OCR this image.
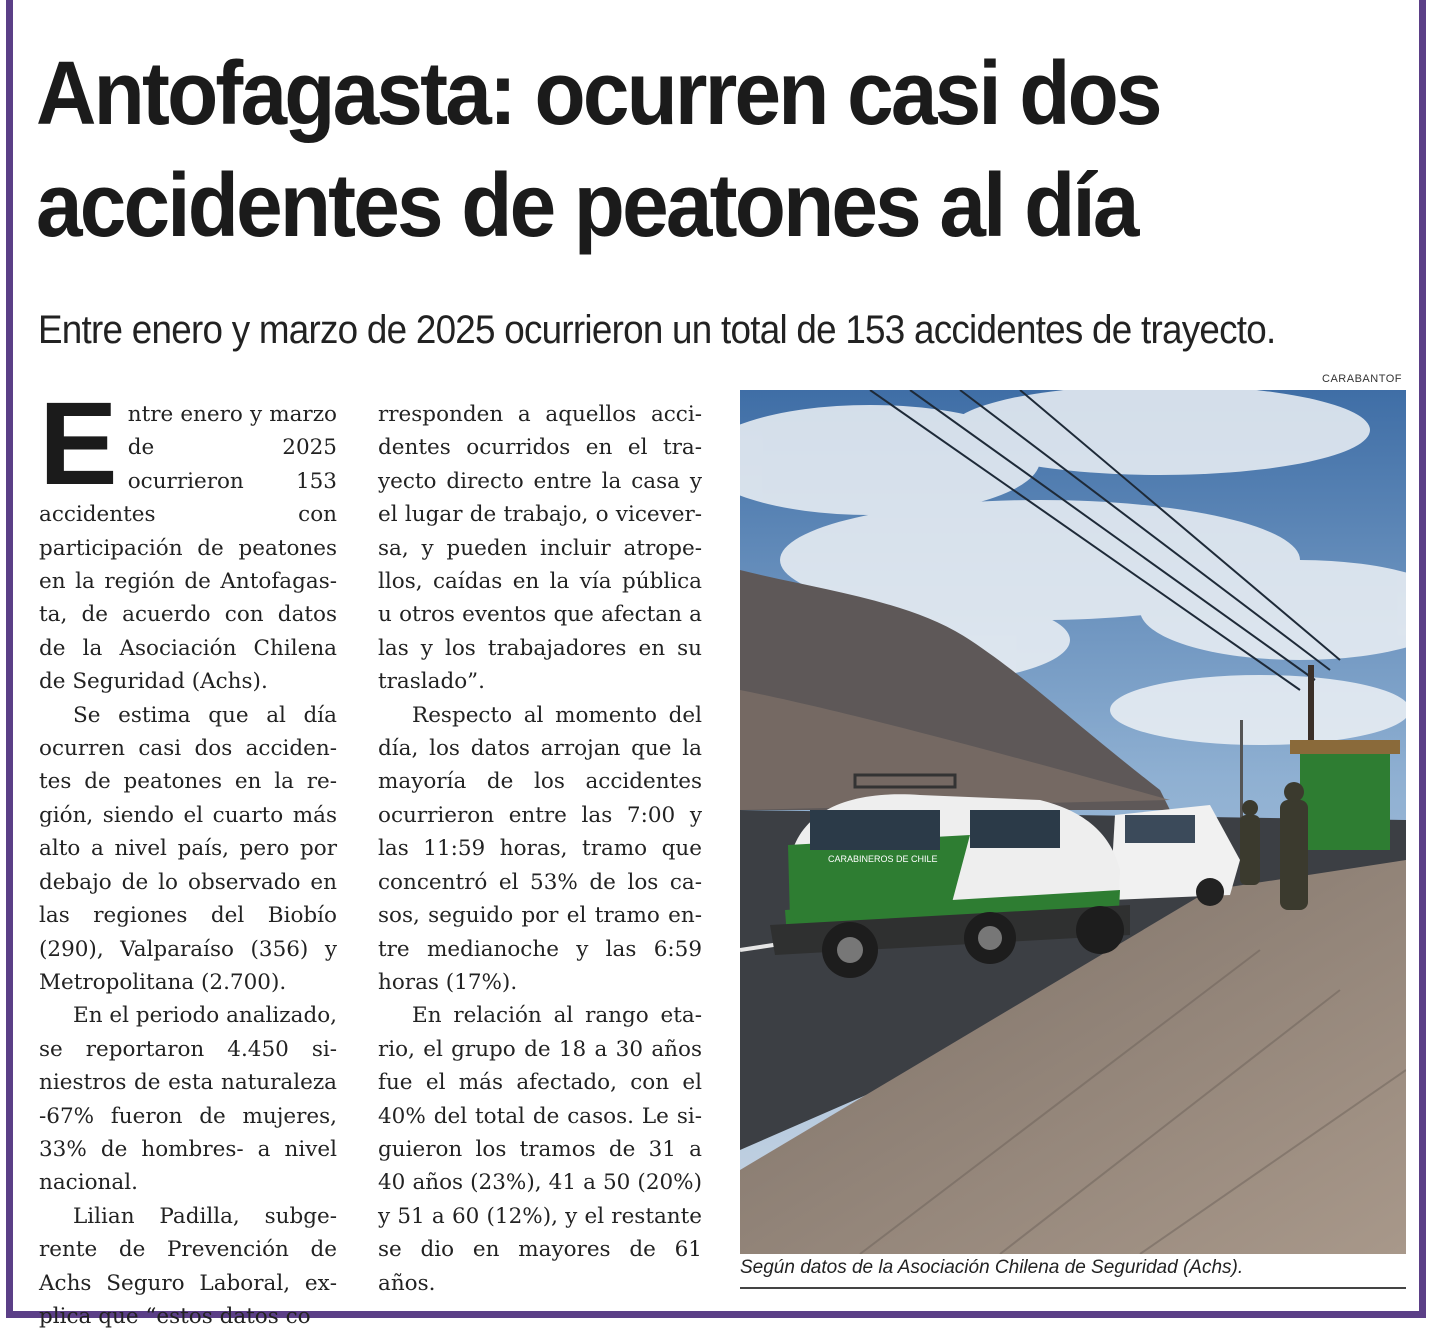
Antofagasta: ocurren casi dos accidentes de peatones al día
Entre enero y marzo de 2025 ocurrieron un total de 153 accidentes de trayecto.

Entre enero y marzo de 2025 ocurrieron 153 accidentes con participación de peatones en la región de Antofagasta, de acuerdo con datos de la Asociación Chilena de Seguridad (Achs).

Se estima que al día ocurren casi dos accidentes de peatones en la región, siendo el cuarto más alto a nivel país, pero por debajo de lo observado en las regiones del Biobío (290), Valparaíso (356) y Metropolitana (2.700).

En el periodo analizado, se reportaron 4.450 siniestros de esta naturaleza -67% fueron de mujeres, 33% de hombres- a nivel nacional.

Lilian Padilla, subgerente de Prevención de Achs Seguro Laboral, explica que “estos datos co

rresponden a aquellos accidentes ocurridos en el trayecto directo entre la casa y el lugar de trabajo, o viceversa, y pueden incluir atropellos, caídas en la vía pública u otros eventos que afectan a las y los trabajadores en su traslado”.

Respecto al momento del día, los datos arrojan que la mayoría de los accidentes ocurrieron entre las 7:00 y las 11:59 horas, tramo que concentró el 53% de los casos, seguido por el tramo entre medianoche y las 6:59 horas (17%).

En relación al rango etario, el grupo de 18 a 30 años fue el más afectado, con el 40% del total de casos. Le siguieron los tramos de 31 a 40 años (23%), 41 a 50 (20%) y 51 a 60 (12%), y el restante se dio en mayores de 61 años.

CARABANTOF
CARABINEROS DE CHILE
Según datos de la Asociación Chilena de Seguridad (Achs).
